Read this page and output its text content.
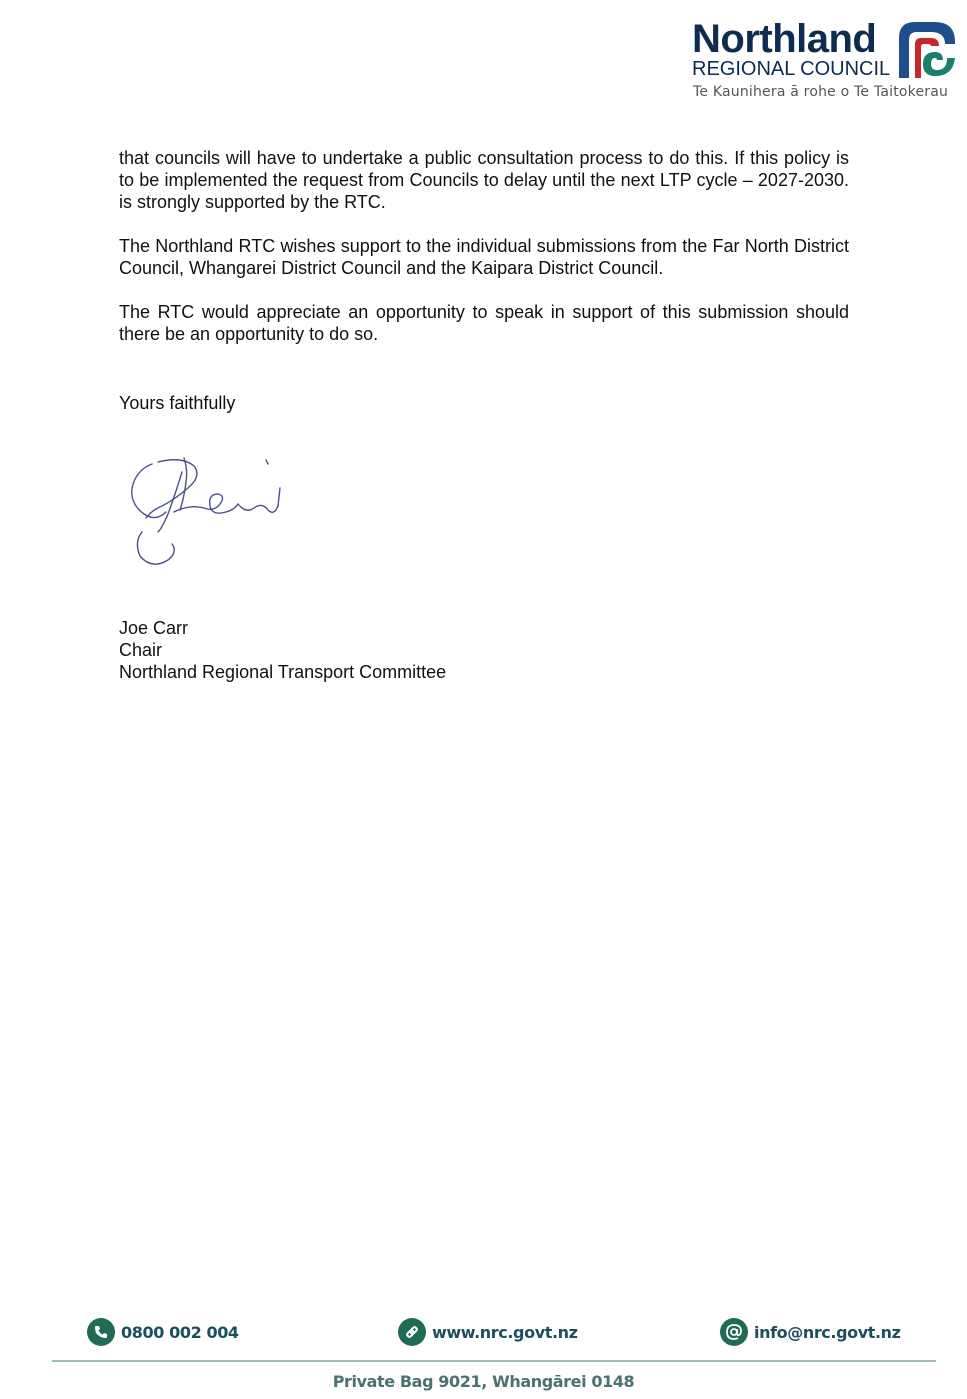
Northland
REGIONAL COUNCIL
Te Kaunihera ā rohe o Te Taitokerau

that councils will have to undertake a public consultation process to do this. If this policy is to be implemented the request from Councils to delay until the next LTP cycle – 2027-2030. is strongly supported by the RTC.

The Northland RTC wishes support to the individual submissions from the Far North District Council, Whangarei District Council and the Kaipara District Council.

The RTC would appreciate an opportunity to speak in support of this submission should there be an opportunity to do so.

Yours faithfully
Joe Carr
Chair
Northland Regional Transport Committee
0800 002 004	www.nrc.govt.nz	info@nrc.govt.nz
Private Bag 9021, Whangārei 0148
